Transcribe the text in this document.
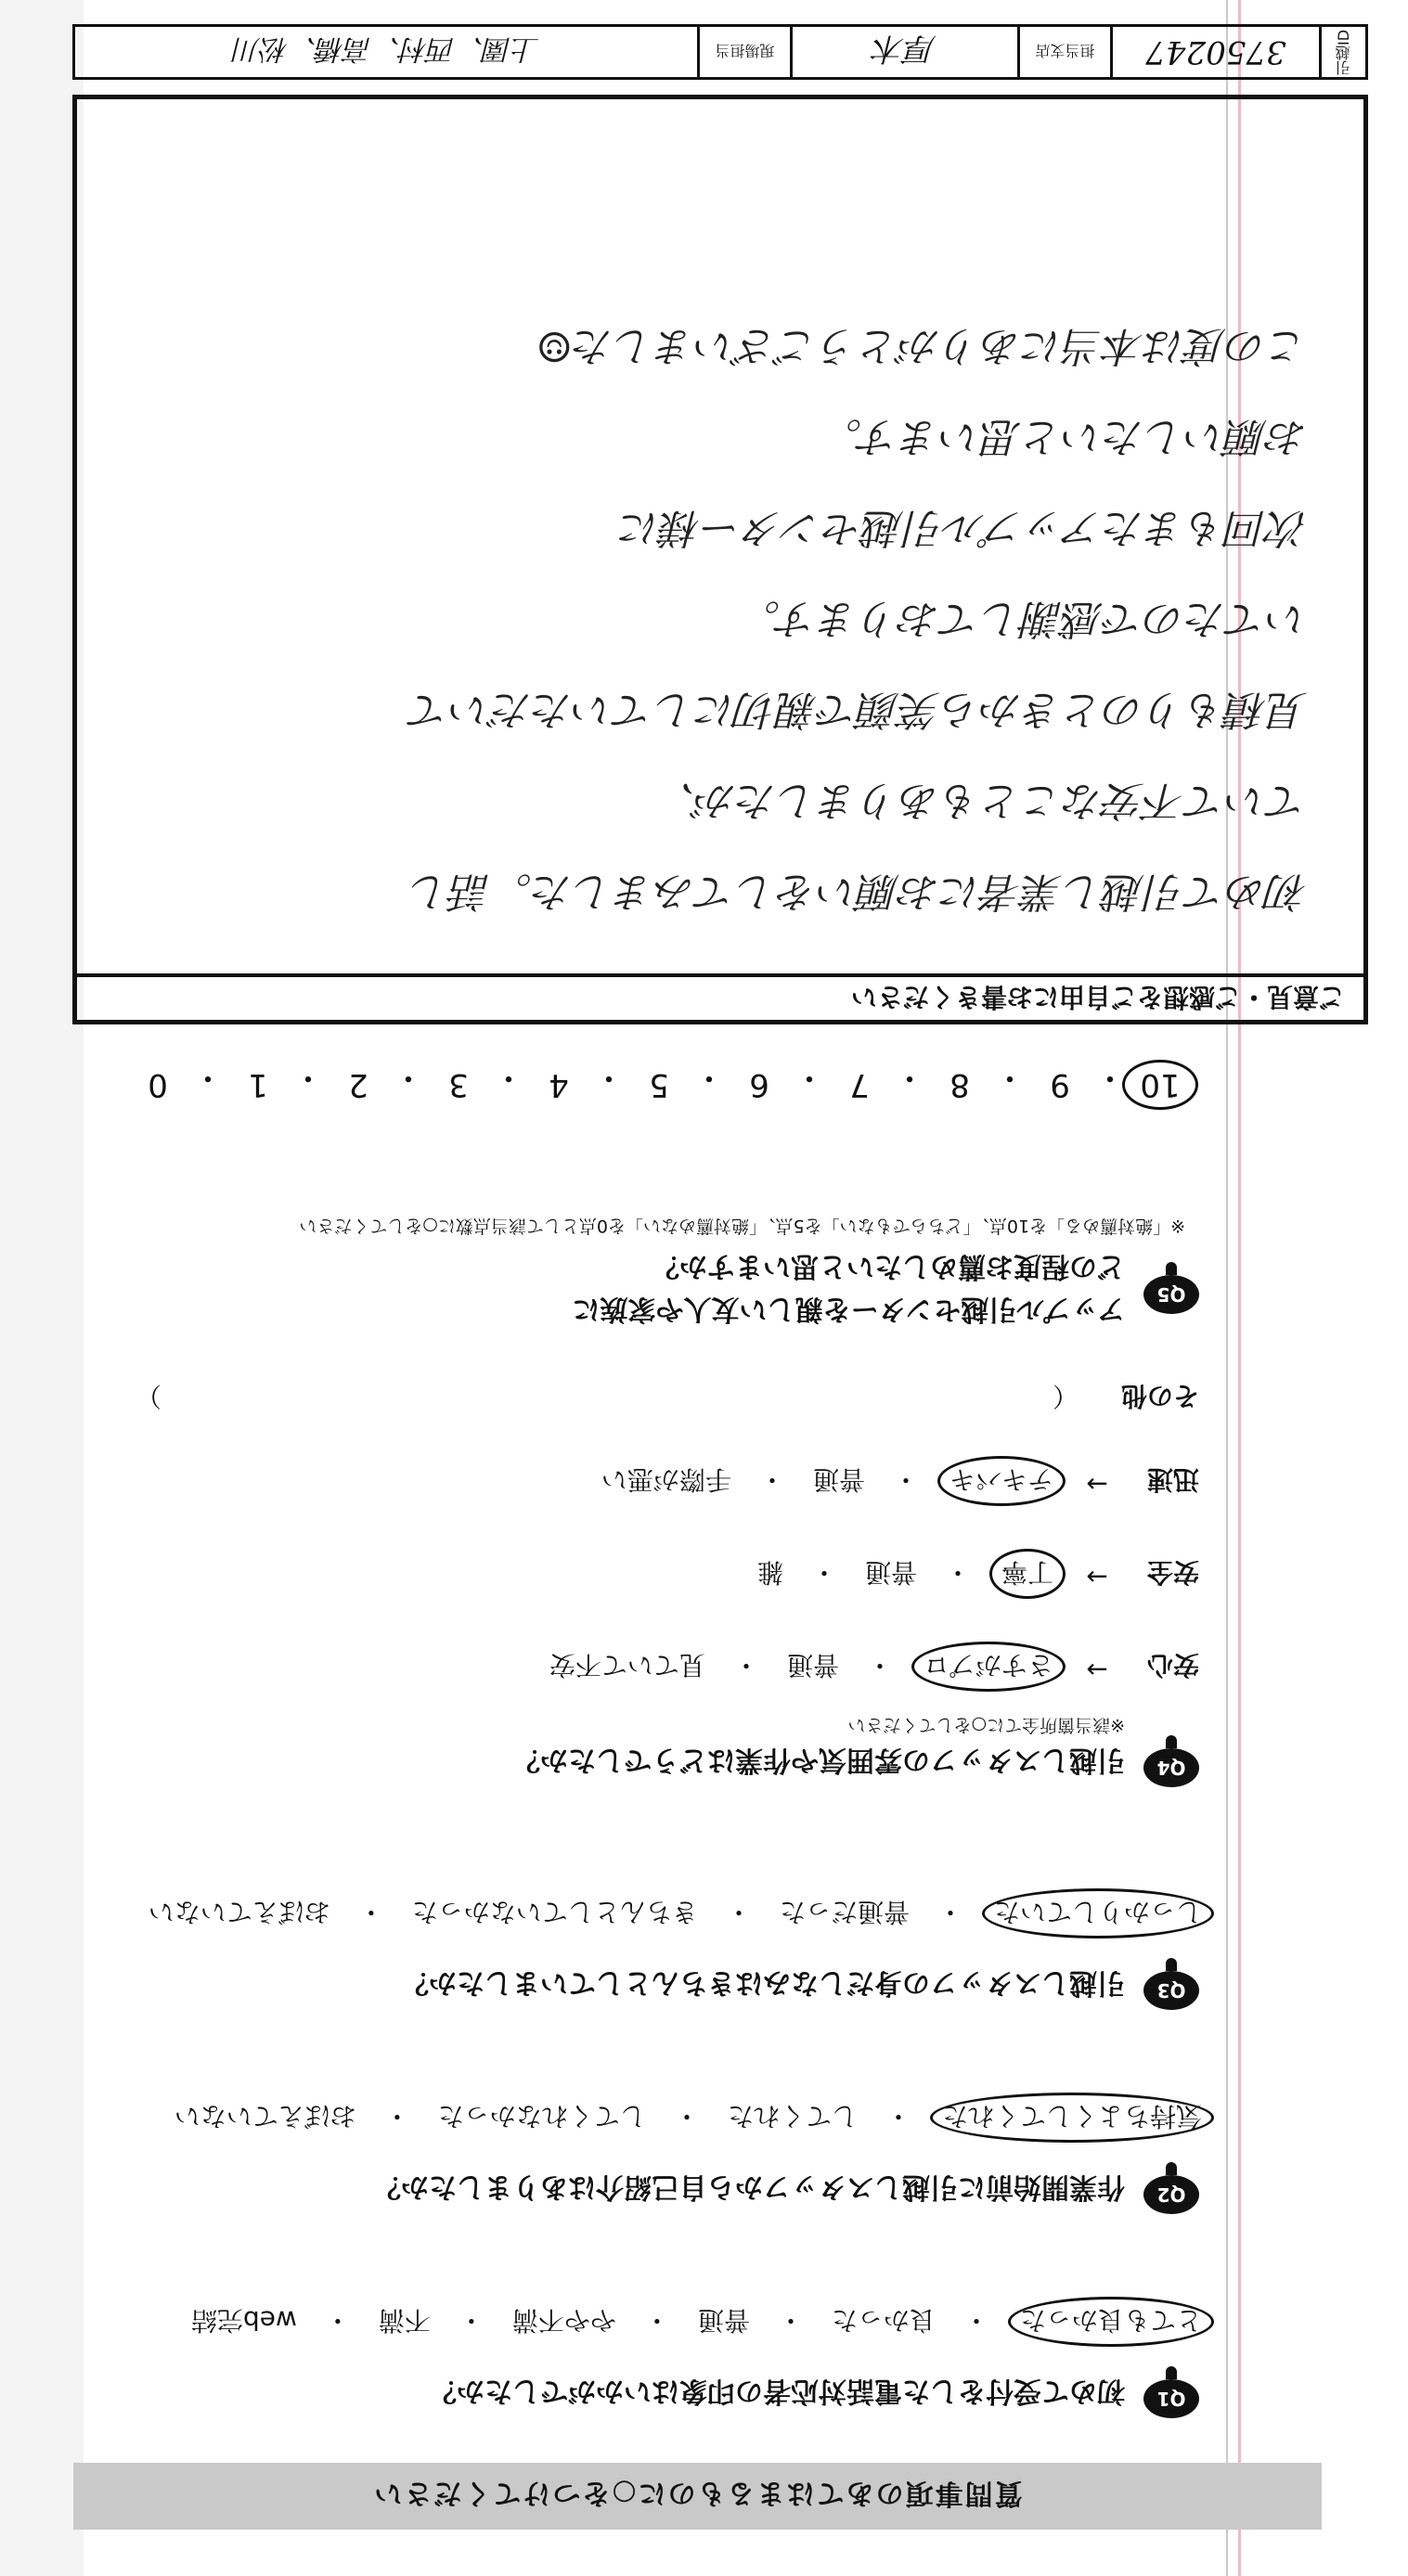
質問事項のあてはまるものに○をつけてください
Q1
初めて受付をした電話対応者の印象はいかがでしたか？
とても良かった
・
良かった
・
普通
・
やや不満
・
不満
・
web完結
Q2
作業開始前に引越しスタッフから自己紹介はありましたか？
気持ちよくしてくれた
・
してくれた
・
してくれなかった
・
おぼえていない
Q3
引越しスタッフの身だしなみはきちんとしていましたか？
しっかりしていた
・
普通だった
・
きちんとしていなかった
・
おぼえていない
Q4
引越しスタッフの雰囲気や作業はどうでしたか？
※該当箇所全てに○をしてください
安心
→
さすがプロ
・
普通
・
見ていて不安
安全
→
丁寧
・
普通
・
雑
迅速
→
テキパキ
・
普通
・
手際が悪い
その他
（
）
Q5
アップル引越センターを親しい友人や家族に
どの程度お薦めしたいと思いますか？
※「絶対薦める」を10点、「どちらでもない」を5点、「絶対薦めない」を0点として該当点数に○をしてください
10
・
9
・
8
・
7
・
6
・
5
・
4
・
3
・
2
・
1
・
0
ご意見・ご感想をご自由にお書きください
初めて引越し業者にお願いをしてみました。話し
ていて不安なこともありましたが、
見積もりのときから笑顔で親切にしていただいて
いてたので感謝しております。
次回もまたアップル引越センター様に
お願いしたいと思います。
この度は本当にありがとうございました☺
引越ID
3750247
担当支店
厚木
現場担当
上園、西村、高橋、松川
